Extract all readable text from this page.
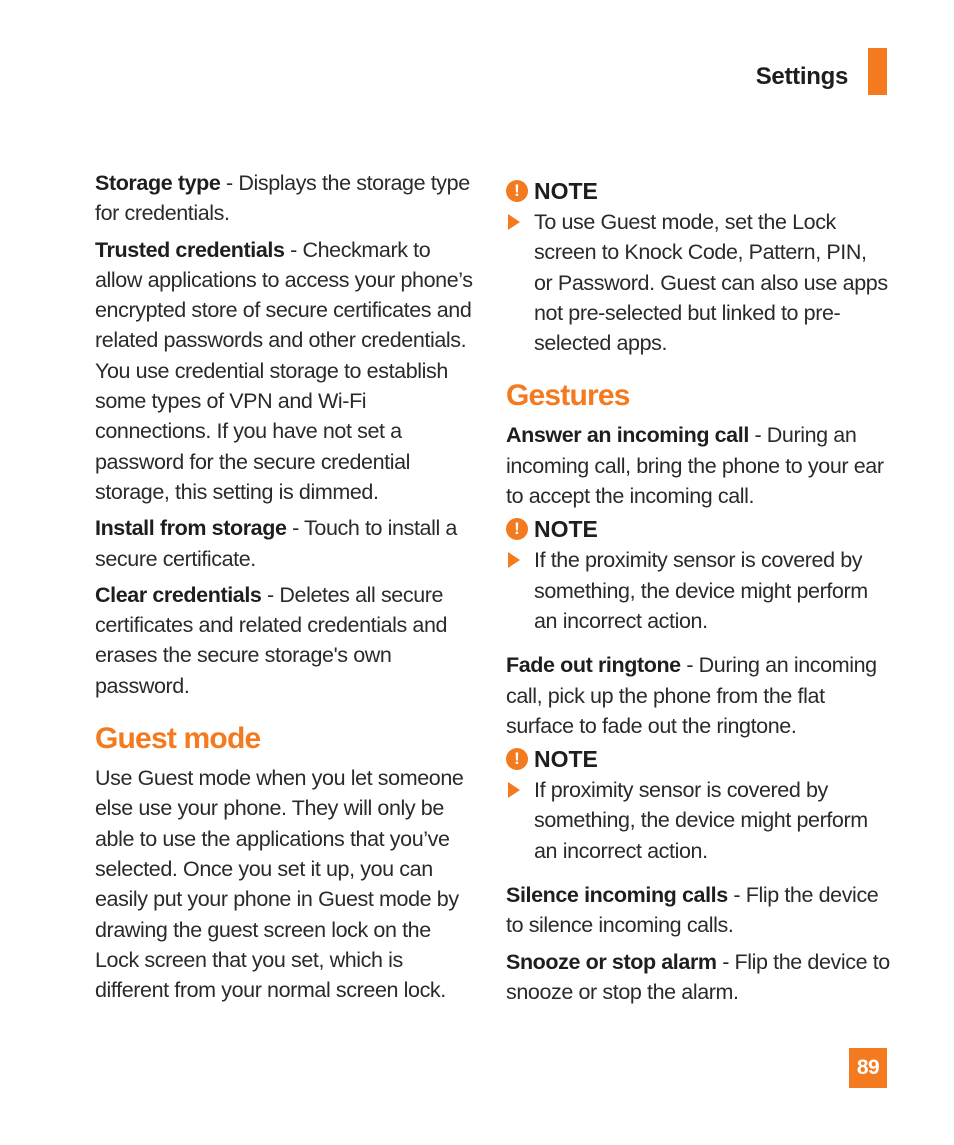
Settings

Storage type - Displays the storage type for credentials.

Trusted credentials - Checkmark to allow applications to access your phone’s encrypted store of secure certificates and related passwords and other credentials. You use credential storage to establish some types of VPN and Wi-Fi connections. If you have not set a password for the secure credential storage, this setting is dimmed.

Install from storage - Touch to install a secure certificate.

Clear credentials - Deletes all secure certificates and related credentials and erases the secure storage's own password.

Guest mode

Use Guest mode when you let someone else use your phone. They will only be able to use the applications that you’ve selected. Once you set it up, you can easily put your phone in Guest mode by drawing the guest screen lock on the Lock screen that you set, which is different from your normal screen lock.

! NOTE
To use Guest mode, set the Lock screen to Knock Code, Pattern, PIN, or Password. Guest can also use apps not pre-selected but linked to pre-selected apps.
Gestures

Answer an incoming call - During an incoming call, bring the phone to your ear to accept the incoming call.

! NOTE
If the proximity sensor is covered by something, the device might perform an incorrect action.

Fade out ringtone - During an incoming call, pick up the phone from the flat surface to fade out the ringtone.

! NOTE
If proximity sensor is covered by something, the device might perform an incorrect action.

Silence incoming calls - Flip the device to silence incoming calls.

Snooze or stop alarm - Flip the device to snooze or stop the alarm.

89
